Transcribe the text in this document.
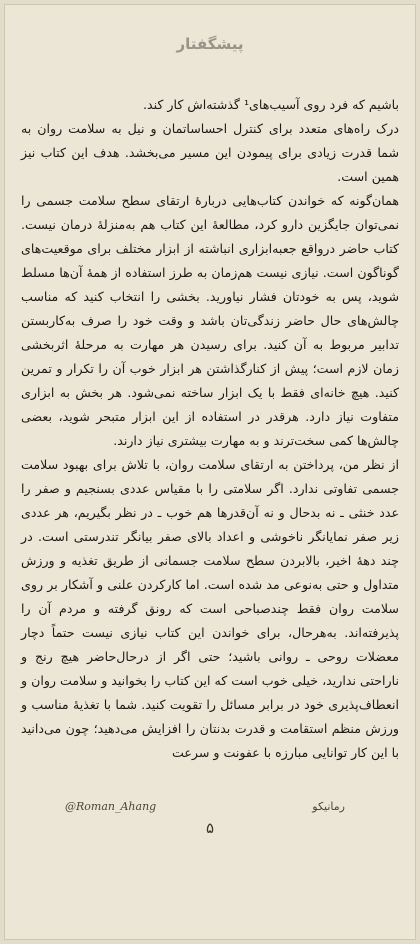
پیشگفتار

باشیم که فرد روی آسیب‌های¹ گذشته‌اش کار کند.

درک راه‌های متعدد برای کنترل احساساتمان و نیل به سلامت روان به شما قدرت زیادی برای پیمودن این مسیر می‌بخشد. هدف این کتاب نیز همین است.

همان‌گونه که خواندن کتاب‌هایی درباره‌ٔ ارتقای سطح سلامت جسمی را نمی‌توان جایگزین دارو کرد، مطالعه‌ٔ این کتاب هم به‌منزله‌ٔ درمان نیست. کتاب حاضر درواقع جعبه‌ابزاری انباشته از ابزار مختلف برای موقعیت‌های گوناگون است. نیازی نیست هم‌زمان به طرز استفاده از همهٔ آن‌ها مسلط شوید، پس به خودتان فشار نیاورید. بخشی را انتخاب کنید که مناسب چالش‌های حال حاضر زندگی‌تان باشد و وقت خود را صرف به‌کاربستن تدابیر مربوط به آن کنید. برای رسیدن هر مهارت به مرحلهٔ اثربخشی زمان لازم است؛ پیش از کنارگذاشتن هر ابزار خوب آن را تکرار و تمرین کنید. هیچ خانه‌ای فقط با یک ابزار ساخته نمی‌شود. هر بخش به ابزاری متفاوت نیاز دارد. هرقدر در استفاده از این ابزار متبحر شوید، بعضی چالش‌ها کمی سخت‌ترند و به مهارت بیشتری نیاز دارند.

از نظر من، پرداختن به ارتقای سلامت روان، با تلاش برای بهبود سلامت جسمی تفاوتی ندارد. اگر سلامتی را با مقیاس عددی بسنجیم و صفر را عدد خنثی ـ نه بدحال و نه آن‌قدرها هم خوب ـ در نظر بگیریم، هر عددی زیر صفر نمایانگر ناخوشی و اعداد بالای صفر بیانگر تندرستی است. در چند دههٔ اخیر، بالابردن سطح سلامت جسمانی از طریق تغذیه و ورزش متداول و حتی به‌نوعی مد شده است. اما کارکردن علنی و آشکار بر روی سلامت روان فقط چندصباحی است که رونق گرفته و مردم آن را پذیرفته‌اند. به‌هرحال، برای خواندن این کتاب نیازی نیست حتماً دچار معضلات روحی ـ روانی باشید؛ حتی اگر از درحال‌حاضر هیچ رنج و ناراحتی ندارید، خیلی خوب است که این کتاب را بخوانید و سلامت روان و انعطاف‌پذیری خود در برابر مسائل را تقویت کنید. شما با تغذیهٔ مناسب و ورزش منظم استقامت و قدرت بدنتان را افزایش می‌دهید؛ چون می‌دانید با این کار توانایی مبارزه با عفونت و سرعت

@Roman_Ahang	رمانیکو
۵
